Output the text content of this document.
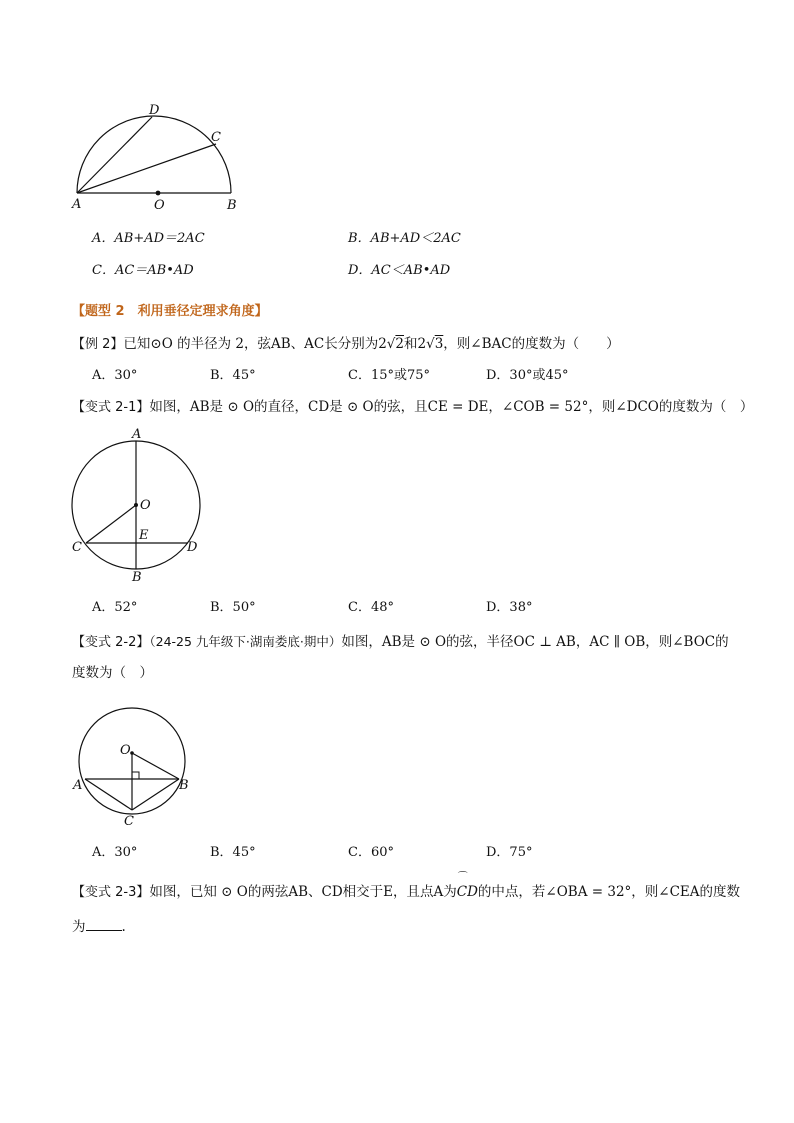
D
C
A	O	B
A．AB+AD＝2AC	B．AB+AD＜2AC
C．AC＝AB•AD	D．AC＜AB•AD
【题型 2　利用垂径定理求角度】
【例 2】已知⊙O 的半径为 2，弦AB、AC长分别为2√2和2√3，则∠BAC的度数为（　　）
A．30°	B．45°	C．15°或75°	D．30°或45°
【变式 2-1】如图，AB是 ⊙ O的直径，CD是 ⊙ O的弦，且CE = DE，∠COB = 52°，则∠DCO的度数为（　）
A
O
E
C	D
B
A．52°	B．50°	C．48°	D．38°
【变式 2-2】（24-25 九年级下·湖南娄底·期中）如图，AB是 ⊙ O的弦，半径OC ⊥ AB，AC ∥ OB，则∠BOC的
度数为（　）
O
A	B
C
A．30°	B．45°	C．60°	D．75°
【变式 2-3】如图，已知 ⊙ O的两弦AB、CD相交于E，且点A为
⌒
CD的中点，若∠OBA = 32°，则∠CEA的度数
为	.
